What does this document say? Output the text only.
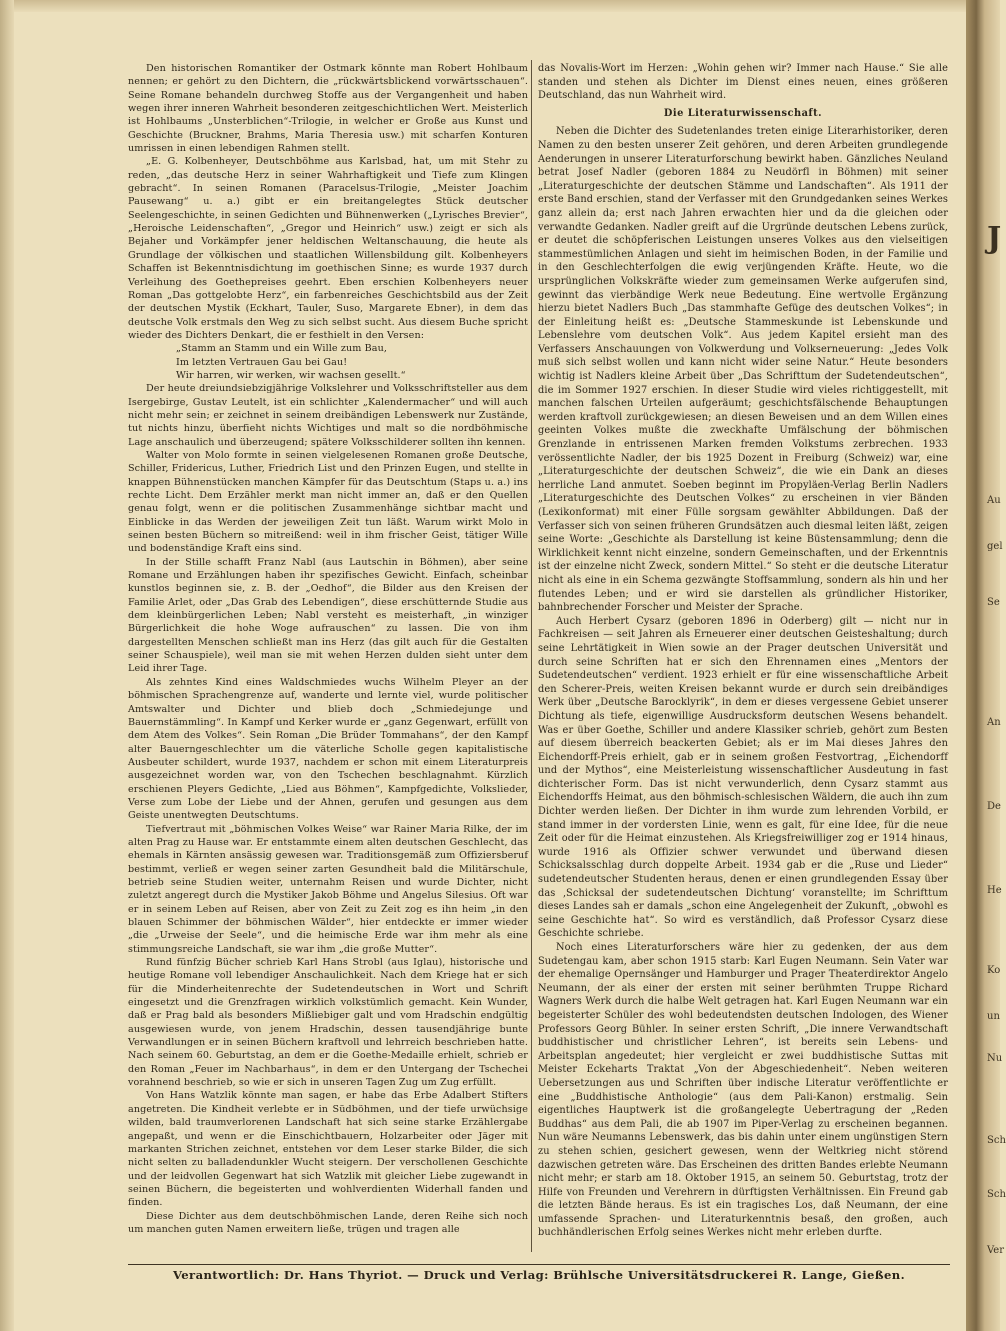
Den historischen Romantiker der Ostmark könnte man Robert Hohlbaum nennen; er gehört zu den Dichtern, die „rückwärtsblickend vorwärtsschauen“. Seine Romane behandeln durchweg Stoffe aus der Vergangenheit und haben wegen ihrer inneren Wahrheit besonderen zeitgeschichtlichen Wert. Meisterlich ist Hohlbaums „Unsterblichen“-Trilogie, in welcher er Große aus Kunst und Geschichte (Bruckner, Brahms, Maria Theresia usw.) mit scharfen Konturen umrissen in einen lebendigen Rahmen stellt.

„E. G. Kolbenheyer, Deutschböhme aus Karlsbad, hat, um mit Stehr zu reden, „das deutsche Herz in seiner Wahrhaftigkeit und Tiefe zum Klingen gebracht“. In seinen Romanen (Paracelsus-Trilogie, „Meister Joachim Pausewang“ u. a.) gibt er ein breitangelegtes Stück deutscher Seelengeschichte, in seinen Gedichten und Bühnenwerken („Lyrisches Brevier“, „Heroische Leidenschaften“, „Gregor und Heinrich“ usw.) zeigt er sich als Bejaher und Vorkämpfer jener heldischen Weltanschauung, die heute als Grundlage der völkischen und staatlichen Willensbildung gilt. Kolbenheyers Schaffen ist Bekenntnisdichtung im goethischen Sinne; es wurde 1937 durch Verleihung des Goethepreises geehrt. Eben erschien Kolbenheyers neuer Roman „Das gottgelobte Herz“, ein farbenreiches Geschichtsbild aus der Zeit der deutschen Mystik (Eckhart, Tauler, Suso, Margarete Ebner), in dem das deutsche Volk erstmals den Weg zu sich selbst sucht. Aus diesem Buche spricht wieder des Dichters Denkart, die er festhielt in den Versen:

„Stamm an Stamm und ein Wille zum Bau,

Im letzten Vertrauen Gau bei Gau!

Wir harren, wir werken, wir wachsen gesellt.“

Der heute dreiundsiebzigjährige Volkslehrer und Volksschriftsteller aus dem Isergebirge, Gustav Leutelt, ist ein schlichter „Kalendermacher“ und will auch nicht mehr sein; er zeichnet in seinem dreibändigen Lebenswerk nur Zustände, tut nichts hinzu, überfieht nichts Wichtiges und malt so die nordböhmische Lage anschaulich und überzeugend; spätere Volksschilderer sollten ihn kennen.

Walter von Molo formte in seinen vielgelesenen Romanen große Deutsche, Schiller, Fridericus, Luther, Friedrich List und den Prinzen Eugen, und stellte in knappen Bühnenstücken manchen Kämpfer für das Deutschtum (Staps u. a.) ins rechte Licht. Dem Erzähler merkt man nicht immer an, daß er den Quellen genau folgt, wenn er die politischen Zusammenhänge sichtbar macht und Einblicke in das Werden der jeweiligen Zeit tun läßt. Warum wirkt Molo in seinen besten Büchern so mitreißend: weil in ihm frischer Geist, tätiger Wille und bodenständige Kraft eins sind.

In der Stille schafft Franz Nabl (aus Lautschin in Böhmen), aber seine Romane und Erzählungen haben ihr spezifisches Gewicht. Einfach, scheinbar kunstlos beginnen sie, z. B. der „Oedhof“, die Bilder aus den Kreisen der Familie Arlet, oder „Das Grab des Lebendigen“, diese erschütternde Studie aus dem kleinbürgerlichen Leben; Nabl versteht es meisterhaft, „in winziger Bürgerlichkeit die hohe Woge aufrauschen“ zu lassen. Die von ihm dargestellten Menschen schließt man ins Herz (das gilt auch für die Gestalten seiner Schauspiele), weil man sie mit wehen Herzen dulden sieht unter dem Leid ihrer Tage.

Als zehntes Kind eines Waldschmiedes wuchs Wilhelm Pleyer an der böhmischen Sprachengrenze auf, wanderte und lernte viel, wurde politischer Amtswalter und Dichter und blieb doch „Schmiedejunge und Bauernstämmling“. In Kampf und Kerker wurde er „ganz Gegenwart, erfüllt von dem Atem des Volkes“. Sein Roman „Die Brüder Tommahans“, der den Kampf alter Bauerngeschlechter um die väterliche Scholle gegen kapitalistische Ausbeuter schildert, wurde 1937, nachdem er schon mit einem Literaturpreis ausgezeichnet worden war, von den Tschechen beschlagnahmt. Kürzlich erschienen Pleyers Gedichte, „Lied aus Böhmen“, Kampfgedichte, Volkslieder, Verse zum Lobe der Liebe und der Ahnen, gerufen und gesungen aus dem Geiste unentwegten Deutschtums.

Tiefvertraut mit „böhmischen Volkes Weise“ war Rainer Maria Rilke, der im alten Prag zu Hause war. Er entstammte einem alten deutschen Geschlecht, das ehemals in Kärnten ansässig gewesen war. Traditionsgemäß zum Offiziersberuf bestimmt, verließ er wegen seiner zarten Gesundheit bald die Militärschule, betrieb seine Studien weiter, unternahm Reisen und wurde Dichter, nicht zuletzt angeregt durch die Mystiker Jakob Böhme und Angelus Silesius. Oft war er in seinem Leben auf Reisen, aber von Zeit zu Zeit zog es ihn heim „in den blauen Schimmer der böhmischen Wälder“, hier entdeckte er immer wieder „die „Urweise der Seele“, und die heimische Erde war ihm mehr als eine stimmungsreiche Landschaft, sie war ihm „die große Mutter“.

Rund fünfzig Bücher schrieb Karl Hans Strobl (aus Iglau), historische und heutige Romane voll lebendiger Anschaulichkeit. Nach dem Kriege hat er sich für die Minderheitenrechte der Sudetendeutschen in Wort und Schrift eingesetzt und die Grenzfragen wirklich volkstümlich gemacht. Kein Wunder, daß er Prag bald als besonders Mißliebiger galt und vom Hradschin endgültig ausgewiesen wurde, von jenem Hradschin, dessen tausendjährige bunte Verwandlungen er in seinen Büchern kraftvoll und lehrreich beschrieben hatte. Nach seinem 60. Geburtstag, an dem er die Goethe-Medaille erhielt, schrieb er den Roman „Feuer im Nachbarhaus“, in dem er den Untergang der Tschechei vorahnend beschrieb, so wie er sich in unseren Tagen Zug um Zug erfüllt.

Von Hans Watzlik könnte man sagen, er habe das Erbe Adalbert Stifters angetreten. Die Kindheit verlebte er in Südböhmen, und der tiefe urwüchsige wilden, bald traumverlorenen Landschaft hat sich seine starke Erzählergabe angepaßt, und wenn er die Einschichtbauern, Holzarbeiter oder Jäger mit markanten Strichen zeichnet, entstehen vor dem Leser starke Bilder, die sich nicht selten zu balladendunkler Wucht steigern. Der verschollenen Geschichte und der leidvollen Gegenwart hat sich Watzlik mit gleicher Liebe zugewandt in seinen Büchern, die begeisterten und wohlverdienten Widerhall fanden und finden.

Diese Dichter aus dem deutschböhmischen Lande, deren Reihe sich noch um manchen guten Namen erweitern ließe, trügen und tragen alle

das Novalis-Wort im Herzen: „Wohin gehen wir? Immer nach Hause.“ Sie alle standen und stehen als Dichter im Dienst eines neuen, eines größeren Deutschland, das nun Wahrheit wird.

Die Literaturwissenschaft.

Neben die Dichter des Sudetenlandes treten einige Literarhistoriker, deren Namen zu den besten unserer Zeit gehören, und deren Arbeiten grundlegende Aenderungen in unserer Literaturforschung bewirkt haben. Gänzliches Neuland betrat Josef Nadler (geboren 1884 zu Neudörfl in Böhmen) mit seiner „Literaturgeschichte der deutschen Stämme und Landschaften“. Als 1911 der erste Band erschien, stand der Verfasser mit den Grundgedanken seines Werkes ganz allein da; erst nach Jahren erwachten hier und da die gleichen oder verwandte Gedanken. Nadler greift auf die Urgründe deutschen Lebens zurück, er deutet die schöpferischen Leistungen unseres Volkes aus den vielseitigen stammestümlichen Anlagen und sieht im heimischen Boden, in der Familie und in den Geschlechterfolgen die ewig verjüngenden Kräfte. Heute, wo die ursprünglichen Volkskräfte wieder zum gemeinsamen Werke aufgerufen sind, gewinnt das vierbändige Werk neue Bedeutung. Eine wertvolle Ergänzung hierzu bietet Nadlers Buch „Das stammhafte Gefüge des deutschen Volkes“; in der Einleitung heißt es: „Deutsche Stammeskunde ist Lebenskunde und Lebenslehre vom deutschen Volk“. Aus jedem Kapitel ersieht man des Verfassers Anschauungen von Volkwerdung und Volkserneuerung: „Jedes Volk muß sich selbst wollen und kann nicht wider seine Natur.“ Heute besonders wichtig ist Nadlers kleine Arbeit über „Das Schrifttum der Sudetendeutschen“, die im Sommer 1927 erschien. In dieser Studie wird vieles richtiggestellt, mit manchen falschen Urteilen aufgeräumt; geschichtsfälschende Behauptungen werden kraftvoll zurückgewiesen; an diesen Beweisen und an dem Willen eines geeinten Volkes mußte die zweckhafte Umfälschung der böhmischen Grenzlande in entrissenen Marken fremden Volkstums zerbrechen. 1933 verössentlichte Nadler, der bis 1925 Dozent in Freiburg (Schweiz) war, eine „Literaturgeschichte der deutschen Schweiz“, die wie ein Dank an dieses herrliche Land anmutet. Soeben beginnt im Propyläen-Verlag Berlin Nadlers „Literaturgeschichte des Deutschen Volkes“ zu erscheinen in vier Bänden (Lexikonformat) mit einer Fülle sorgsam gewählter Abbildungen. Daß der Verfasser sich von seinen früheren Grundsätzen auch diesmal leiten läßt, zeigen seine Worte: „Geschichte als Darstellung ist keine Büstensammlung; denn die Wirklichkeit kennt nicht einzelne, sondern Gemeinschaften, und der Erkenntnis ist der einzelne nicht Zweck, sondern Mittel.“ So steht er die deutsche Literatur nicht als eine in ein Schema gezwängte Stoffsammlung, sondern als hin und her flutendes Leben; und er wird sie darstellen als gründlicher Historiker, bahnbrechender Forscher und Meister der Sprache.

Auch Herbert Cysarz (geboren 1896 in Oderberg) gilt — nicht nur in Fachkreisen — seit Jahren als Erneuerer einer deutschen Geisteshaltung; durch seine Lehrtätigkeit in Wien sowie an der Prager deutschen Universität und durch seine Schriften hat er sich den Ehrennamen eines „Mentors der Sudetendeutschen“ verdient. 1923 erhielt er für eine wissenschaftliche Arbeit den Scherer-Preis, weiten Kreisen bekannt wurde er durch sein dreibändiges Werk über „Deutsche Barocklyrik“, in dem er dieses vergessene Gebiet unserer Dichtung als tiefe, eigenwillige Ausdrucksform deutschen Wesens behandelt. Was er über Goethe, Schiller und andere Klassiker schrieb, gehört zum Besten auf diesem überreich beackerten Gebiet; als er im Mai dieses Jahres den Eichendorff-Preis erhielt, gab er in seinem großen Festvortrag, „Eichendorff und der Mythos“, eine Meisterleistung wissenschaftlicher Ausdeutung in fast dichterischer Form. Das ist nicht verwunderlich, denn Cysarz stammt aus Eichendorffs Heimat, aus den böhmisch-schlesischen Wäldern, die auch ihn zum Dichter werden ließen. Der Dichter in ihm wurde zum lehrenden Vorbild, er stand immer in der vordersten Linie, wenn es galt, für eine Idee, für die neue Zeit oder für die Heimat einzustehen. Als Kriegsfreiwilliger zog er 1914 hinaus, wurde 1916 als Offizier schwer verwundet und überwand diesen Schicksalsschlag durch doppelte Arbeit. 1934 gab er die „Ruse und Lieder“ sudetendeutscher Studenten heraus, denen er einen grundlegenden Essay über das ‚Schicksal der sudetendeutschen Dichtung‘ voranstellte; im Schrifttum dieses Landes sah er damals „schon eine Angelegenheit der Zukunft, „obwohl es seine Geschichte hat“. So wird es verständlich, daß Professor Cysarz diese Geschichte schriebe.

Noch eines Literaturforschers wäre hier zu gedenken, der aus dem Sudetengau kam, aber schon 1915 starb: Karl Eugen Neumann. Sein Vater war der ehemalige Opernsänger und Hamburger und Prager Theaterdirektor Angelo Neumann, der als einer der ersten mit seiner berühmten Truppe Richard Wagners Werk durch die halbe Welt getragen hat. Karl Eugen Neumann war ein begeisterter Schüler des wohl bedeutendsten deutschen Indologen, des Wiener Professors Georg Bühler. In seiner ersten Schrift, „Die innere Verwandtschaft buddhistischer und christlicher Lehren“, ist bereits sein Lebens- und Arbeitsplan angedeutet; hier vergleicht er zwei buddhistische Suttas mit Meister Eckeharts Traktat „Von der Abgeschiedenheit“. Neben weiteren Uebersetzungen aus und Schriften über indische Literatur veröffentlichte er eine „Buddhistische Anthologie“ (aus dem Pali-Kanon) erstmalig. Sein eigentliches Hauptwerk ist die großangelegte Uebertragung der „Reden Buddhas“ aus dem Pali, die ab 1907 im Piper-Verlag zu erscheinen begannen. Nun wäre Neumanns Lebenswerk, das bis dahin unter einem ungünstigen Stern zu stehen schien, gesichert gewesen, wenn der Weltkrieg nicht störend dazwischen getreten wäre. Das Erscheinen des dritten Bandes erlebte Neumann nicht mehr; er starb am 18. Oktober 1915, an seinem 50. Geburtstag, trotz der Hilfe von Freunden und Verehrern in dürftigsten Verhältnissen. Ein Freund gab die letzten Bände heraus. Es ist ein tragisches Los, daß Neumann, der eine umfassende Sprachen- und Literaturkenntnis besaß, den großen, auch buchhändlerischen Erfolg seines Werkes nicht mehr erleben durfte.

Verantwortlich: Dr. Hans Thyriot. — Druck und Verlag: Brühlsche Universitätsdruckerei R. Lange, Gießen.
J
Au
gel
Se
An
De
He
Ko
un
Nu
Sch
Sch
Ver
